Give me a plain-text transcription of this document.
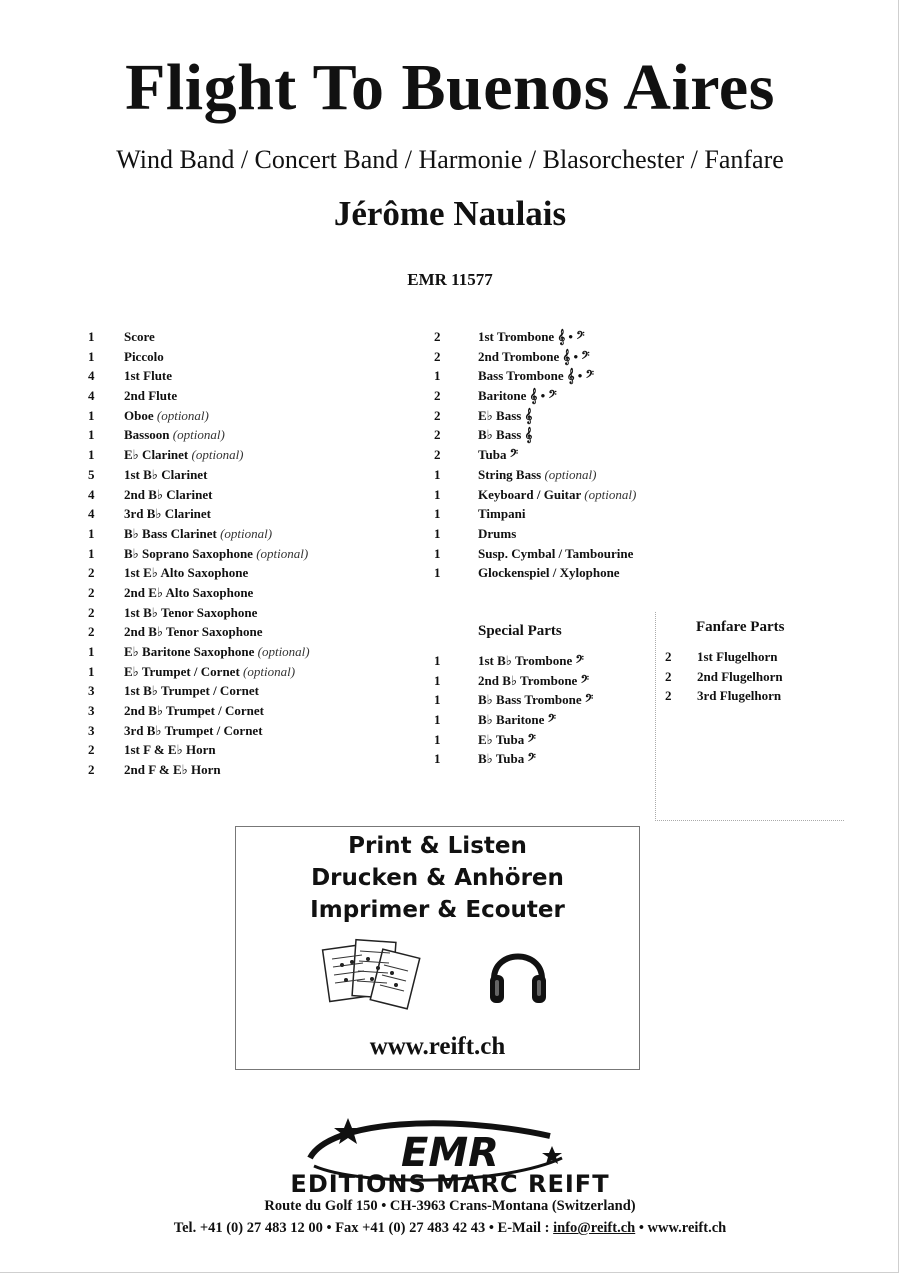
Flight To Buenos Aires
Wind Band / Concert Band / Harmonie / Blasorchester / Fanfare
Jérôme Naulais
EMR 11577
1	Score
1	Piccolo
4	1st Flute
4	2nd Flute
1	Oboe (optional)
1	Bassoon (optional)
1	E♭ Clarinet (optional)
5	1st B♭ Clarinet
4	2nd B♭ Clarinet
4	3rd B♭ Clarinet
1	B♭ Bass Clarinet (optional)
1	B♭ Soprano Saxophone (optional)
2	1st E♭ Alto Saxophone
2	2nd E♭ Alto Saxophone
2	1st B♭ Tenor Saxophone
2	2nd B♭ Tenor Saxophone
1	E♭ Baritone Saxophone (optional)
1	E♭ Trumpet / Cornet (optional)
3	1st B♭ Trumpet / Cornet
3	2nd B♭ Trumpet / Cornet
3	3rd B♭ Trumpet / Cornet
2	1st F & E♭ Horn
2	2nd F & E♭ Horn
2	1st Trombone 𝄞 • 𝄢
2	2nd Trombone 𝄞 • 𝄢
1	Bass Trombone 𝄞 • 𝄢
2	Baritone 𝄞 • 𝄢
2	E♭ Bass 𝄞
2	B♭ Bass 𝄞
2	Tuba 𝄢
1	String Bass (optional)
1	Keyboard / Guitar (optional)
1	Timpani
1	Drums
1	Susp. Cymbal / Tambourine
1	Glockenspiel / Xylophone
Special Parts
1	1st B♭ Trombone 𝄢
1	2nd B♭ Trombone 𝄢
1	B♭ Bass Trombone 𝄢
1	B♭ Baritone 𝄢
1	E♭ Tuba 𝄢
1	B♭ Tuba 𝄢
Fanfare Parts
2	1st Flugelhorn
2	2nd Flugelhorn
2	3rd Flugelhorn
Print & Listen
Drucken & Anhören
Imprimer & Ecouter
www.reift.ch
EMR
EDITIONS MARC REIFT
Route du Golf 150 • CH-3963 Crans-Montana (Switzerland)
Tel. +41 (0) 27 483 12 00 • Fax +41 (0) 27 483 42 43 • E-Mail : info@reift.ch • www.reift.ch
